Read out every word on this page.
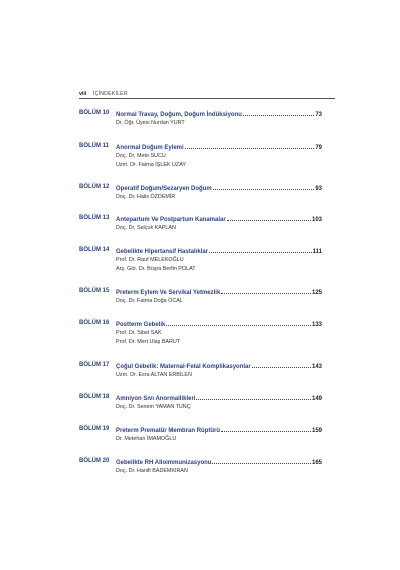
viii İÇİNDEKİLER
BÖLÜM 10 Normal Travay, Doğum, Doğum İndüksiyonu	73
Dr. Öğr. Üyesi Nurdan YURT
BÖLÜM 11 Anormal Doğum Eylemi	79
Doç. Dr. Mete SUCU
Uzm. Dr. Fatma İŞLEK UZAY
BÖLÜM 12 Operatif Doğum/Sezaryen Doğum	93
Doç. Dr. Halis ÖZDEMİR
BÖLÜM 13 Antepartum Ve Postpartum Kanamalar	103
Doç. Dr. Selçuk KAPLAN
BÖLÜM 14 Gebelikte Hipertansif Hastalıklar	111
Prof. Dr. Rauf MELEKOĞLU
Arş. Gör. Dr. Büşra Berfin POLAT
BÖLÜM 15 Preterm Eylem Ve Servikal Yetmezlik	125
Doç. Dr. Fatma Doğa ÖCAL
BÖLÜM 16 Postterm Gebelik	133
Prof. Dr. Sibel SAK
Prof. Dr. Mert Ulaş BARUT
BÖLÜM 17 Çoğul Gebelik: Maternal-Fetal Komplikasyonlar	143
Uzm. Dr. Esra ALTAN ERBİLEN
BÖLÜM 18 Amniyon Sıvı Anormallikleri	149
Doç. Dr. Senem YAMAN TUNÇ
BÖLÜM 19 Preterm Prematür Membran Rüptürü	159
Dr. Metehan İMAMOĞLU
BÖLÜM 20 Gebelikte RH Alloimmunizasyonu	165
Doç. Dr. Hanifi BADEMKIRAN
